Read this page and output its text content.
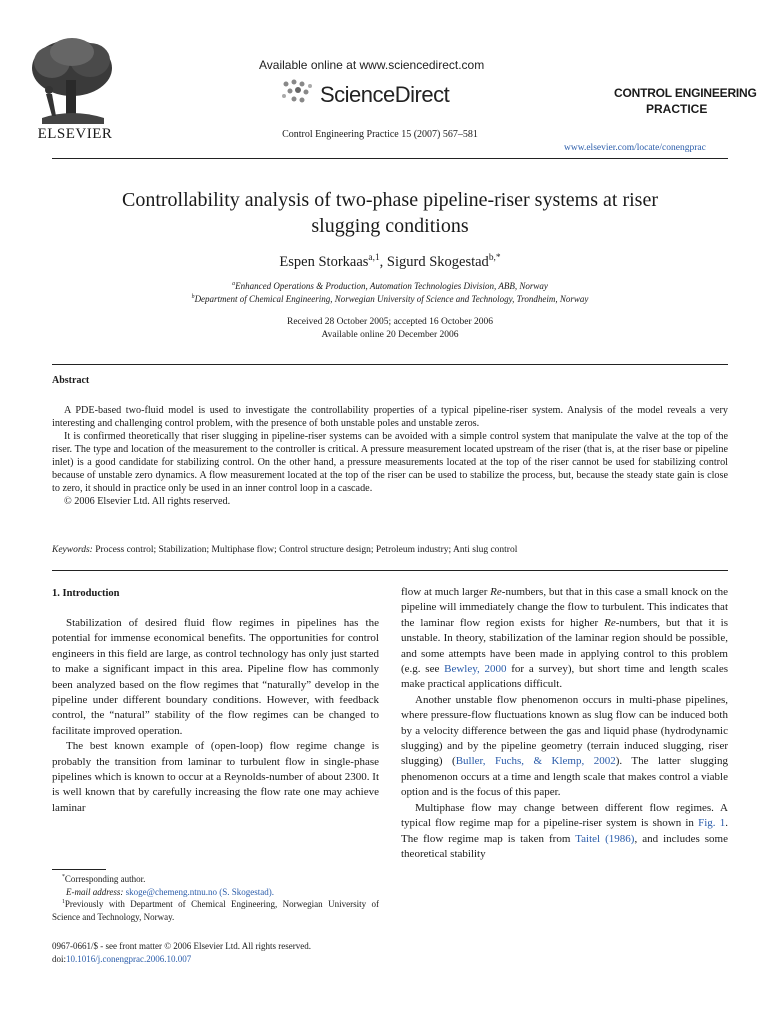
ELSEVIER
Available online at www.sciencedirect.com
ScienceDirect
Control Engineering Practice 15 (2007) 567–581
CONTROL ENGINEERING
PRACTICE
www.elsevier.com/locate/conengprac
Controllability analysis of two-phase pipeline-riser systems at riser
slugging conditions
Espen Storkaas$^{a,1}$, Sigurd Skogestad$^{b,*}$
$^a$Enhanced Operations & Production, Automation Technologies Division, ABB, Norway
$^b$Department of Chemical Engineering, Norwegian University of Science and Technology, Trondheim, Norway
Received 28 October 2005; accepted 16 October 2006
Available online 20 December 2006
Abstract
A PDE-based two-fluid model is used to investigate the controllability properties of a typical pipeline-riser system. Analysis of the model reveals a very interesting and challenging control problem, with the presence of both unstable poles and unstable zeros.
It is confirmed theoretically that riser slugging in pipeline-riser systems can be avoided with a simple control system that manipulate the valve at the top of the riser. The type and location of the measurement to the controller is critical. A pressure measurement located upstream of the riser (that is, at the riser base or pipeline inlet) is a good candidate for stabilizing control. On the other hand, a pressure measurements located at the top of the riser cannot be used for stabilizing control because of unstable zero dynamics. A flow measurement located at the top of the riser can be used to stabilize the process, but, because the steady state gain is close to zero, it should in practice only be used in an inner control loop in a cascade.
© 2006 Elsevier Ltd. All rights reserved.
Keywords: Process control; Stabilization; Multiphase flow; Control structure design; Petroleum industry; Anti slug control
1. Introduction

Stabilization of desired fluid flow regimes in pipelines has the potential for immense economical benefits. The opportunities for control engineers in this field are large, as control technology has only just started to make a significant impact in this area. Pipeline flow has commonly been analyzed based on the flow regimes that “naturally” develop in the pipeline under different boundary conditions. However, with feedback control, the “natural” stability of the flow regimes can be changed to facilitate improved operation.

The best known example of (open-loop) flow regime change is probably the transition from laminar to turbulent flow in single-phase pipelines which is known to occur at a Reynolds-number of about 2300. It is well known that by carefully increasing the flow rate one may achieve laminar

*Corresponding author.
E-mail address: skoge@chemeng.ntnu.no (S. Skogestad).
$^1$Previously with Department of Chemical Engineering, Norwegian University of Science and Technology, Norway.
0967-0661/$ - see front matter © 2006 Elsevier Ltd. All rights reserved.
doi:10.1016/j.conengprac.2006.10.007

flow at much larger Re-numbers, but that in this case a small knock on the pipeline will immediately change the flow to turbulent. This indicates that the laminar flow region exists for higher Re-numbers, but that it is unstable. In theory, stabilization of the laminar region should be possible, and some attempts have been made in applying control to this problem (e.g. see Bewley, 2000 for a survey), but short time and length scales make practical applications difficult.

Another unstable flow phenomenon occurs in multi-phase pipelines, where pressure-flow fluctuations known as slug flow can be induced both by a velocity difference between the gas and liquid phase (hydrodynamic slugging) and by the pipeline geometry (terrain induced slugging, riser slugging) (Buller, Fuchs, & Klemp, 2002). The latter slugging phenomenon occurs at a time and length scale that makes control a viable option and is the focus of this paper.

Multiphase flow may change between different flow regimes. A typical flow regime map for a pipeline-riser system is shown in Fig. 1. The flow regime map is taken from Taitel (1986), and includes some theoretical stability
